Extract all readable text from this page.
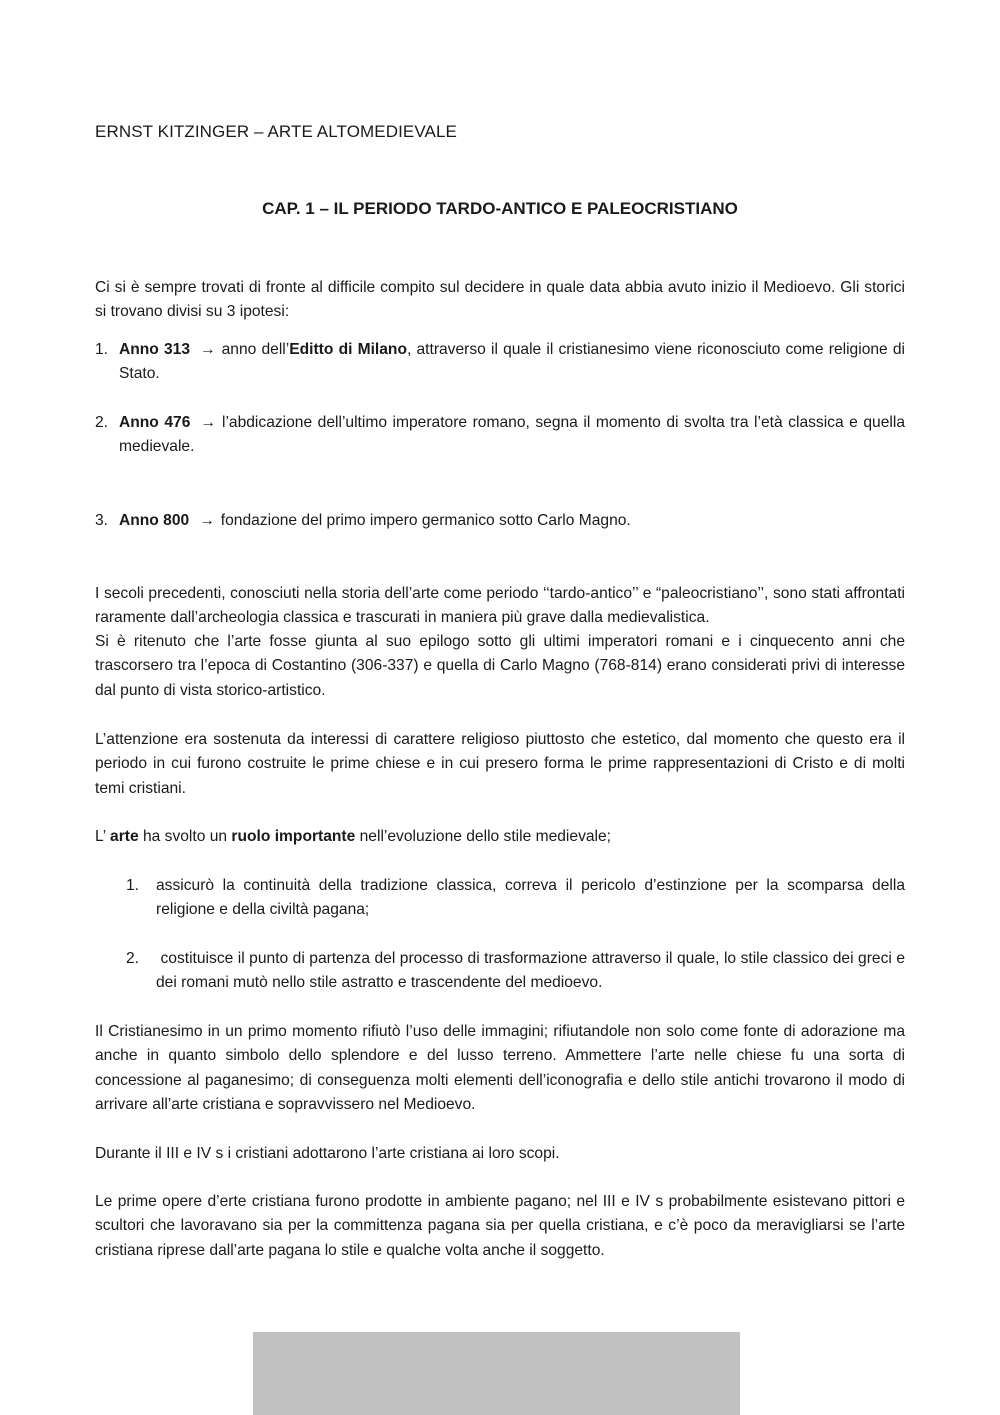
ERNST KITZINGER – ARTE ALTOMEDIEVALE
CAP. 1 – IL PERIODO TARDO-ANTICO E PALEOCRISTIANO

Ci si è sempre trovati di fronte al difficile compito sul decidere in quale data abbia avuto inizio il Medioevo. Gli storici si trovano divisi su 3 ipotesi:

1. Anno 313 → anno dell’Editto di Milano, attraverso il quale il cristianesimo viene riconosciuto come religione di Stato.
2. Anno 476 → l’abdicazione dell’ultimo imperatore romano, segna il momento di svolta tra l’età classica e quella medievale.
3. Anno 800 → fondazione del primo impero germanico sotto Carlo Magno.

I secoli precedenti, conosciuti nella storia dell’arte come periodo ‘‘tardo-antico’’ e “paleocristiano’’, sono stati affrontati raramente dall’archeologia classica e trascurati in maniera più grave dalla medievalistica.

Si è ritenuto che l’arte fosse giunta al suo epilogo sotto gli ultimi imperatori romani e i cinquecento anni che trascorsero tra l’epoca di Costantino (306-337) e quella di Carlo Magno (768-814) erano considerati privi di interesse dal punto di vista storico-artistico.

L’attenzione era sostenuta da interessi di carattere religioso piuttosto che estetico, dal momento che questo era il periodo in cui furono costruite le prime chiese e in cui presero forma le prime rappresentazioni di Cristo e di molti temi cristiani.

L’ arte ha svolto un ruolo importante nell’evoluzione dello stile medievale;

1.	assicurò la continuità della tradizione classica, correva il pericolo d’estinzione per la scomparsa della religione e della civiltà pagana;
2.	costituisce il punto di partenza del processo di trasformazione attraverso il quale, lo stile classico dei greci e dei romani mutò nello stile astratto e trascendente del medioevo.

Il Cristianesimo in un primo momento rifiutò l’uso delle immagini; rifiutandole non solo come fonte di adorazione ma anche in quanto simbolo dello splendore e del lusso terreno. Ammettere l’arte nelle chiese fu una sorta di concessione al paganesimo; di conseguenza molti elementi dell’iconografia e dello stile antichi trovarono il modo di arrivare all’arte cristiana e sopravvissero nel Medioevo.

Durante il III e IV s i cristiani adottarono l’arte cristiana ai loro scopi.

Le prime opere d’erte cristiana furono prodotte in ambiente pagano; nel III e IV s probabilmente esistevano pittori e scultori che lavoravano sia per la committenza pagana sia per quella cristiana, e c’è poco da meravigliarsi se l’arte cristiana riprese dall’arte pagana lo stile e qualche volta anche il soggetto.
